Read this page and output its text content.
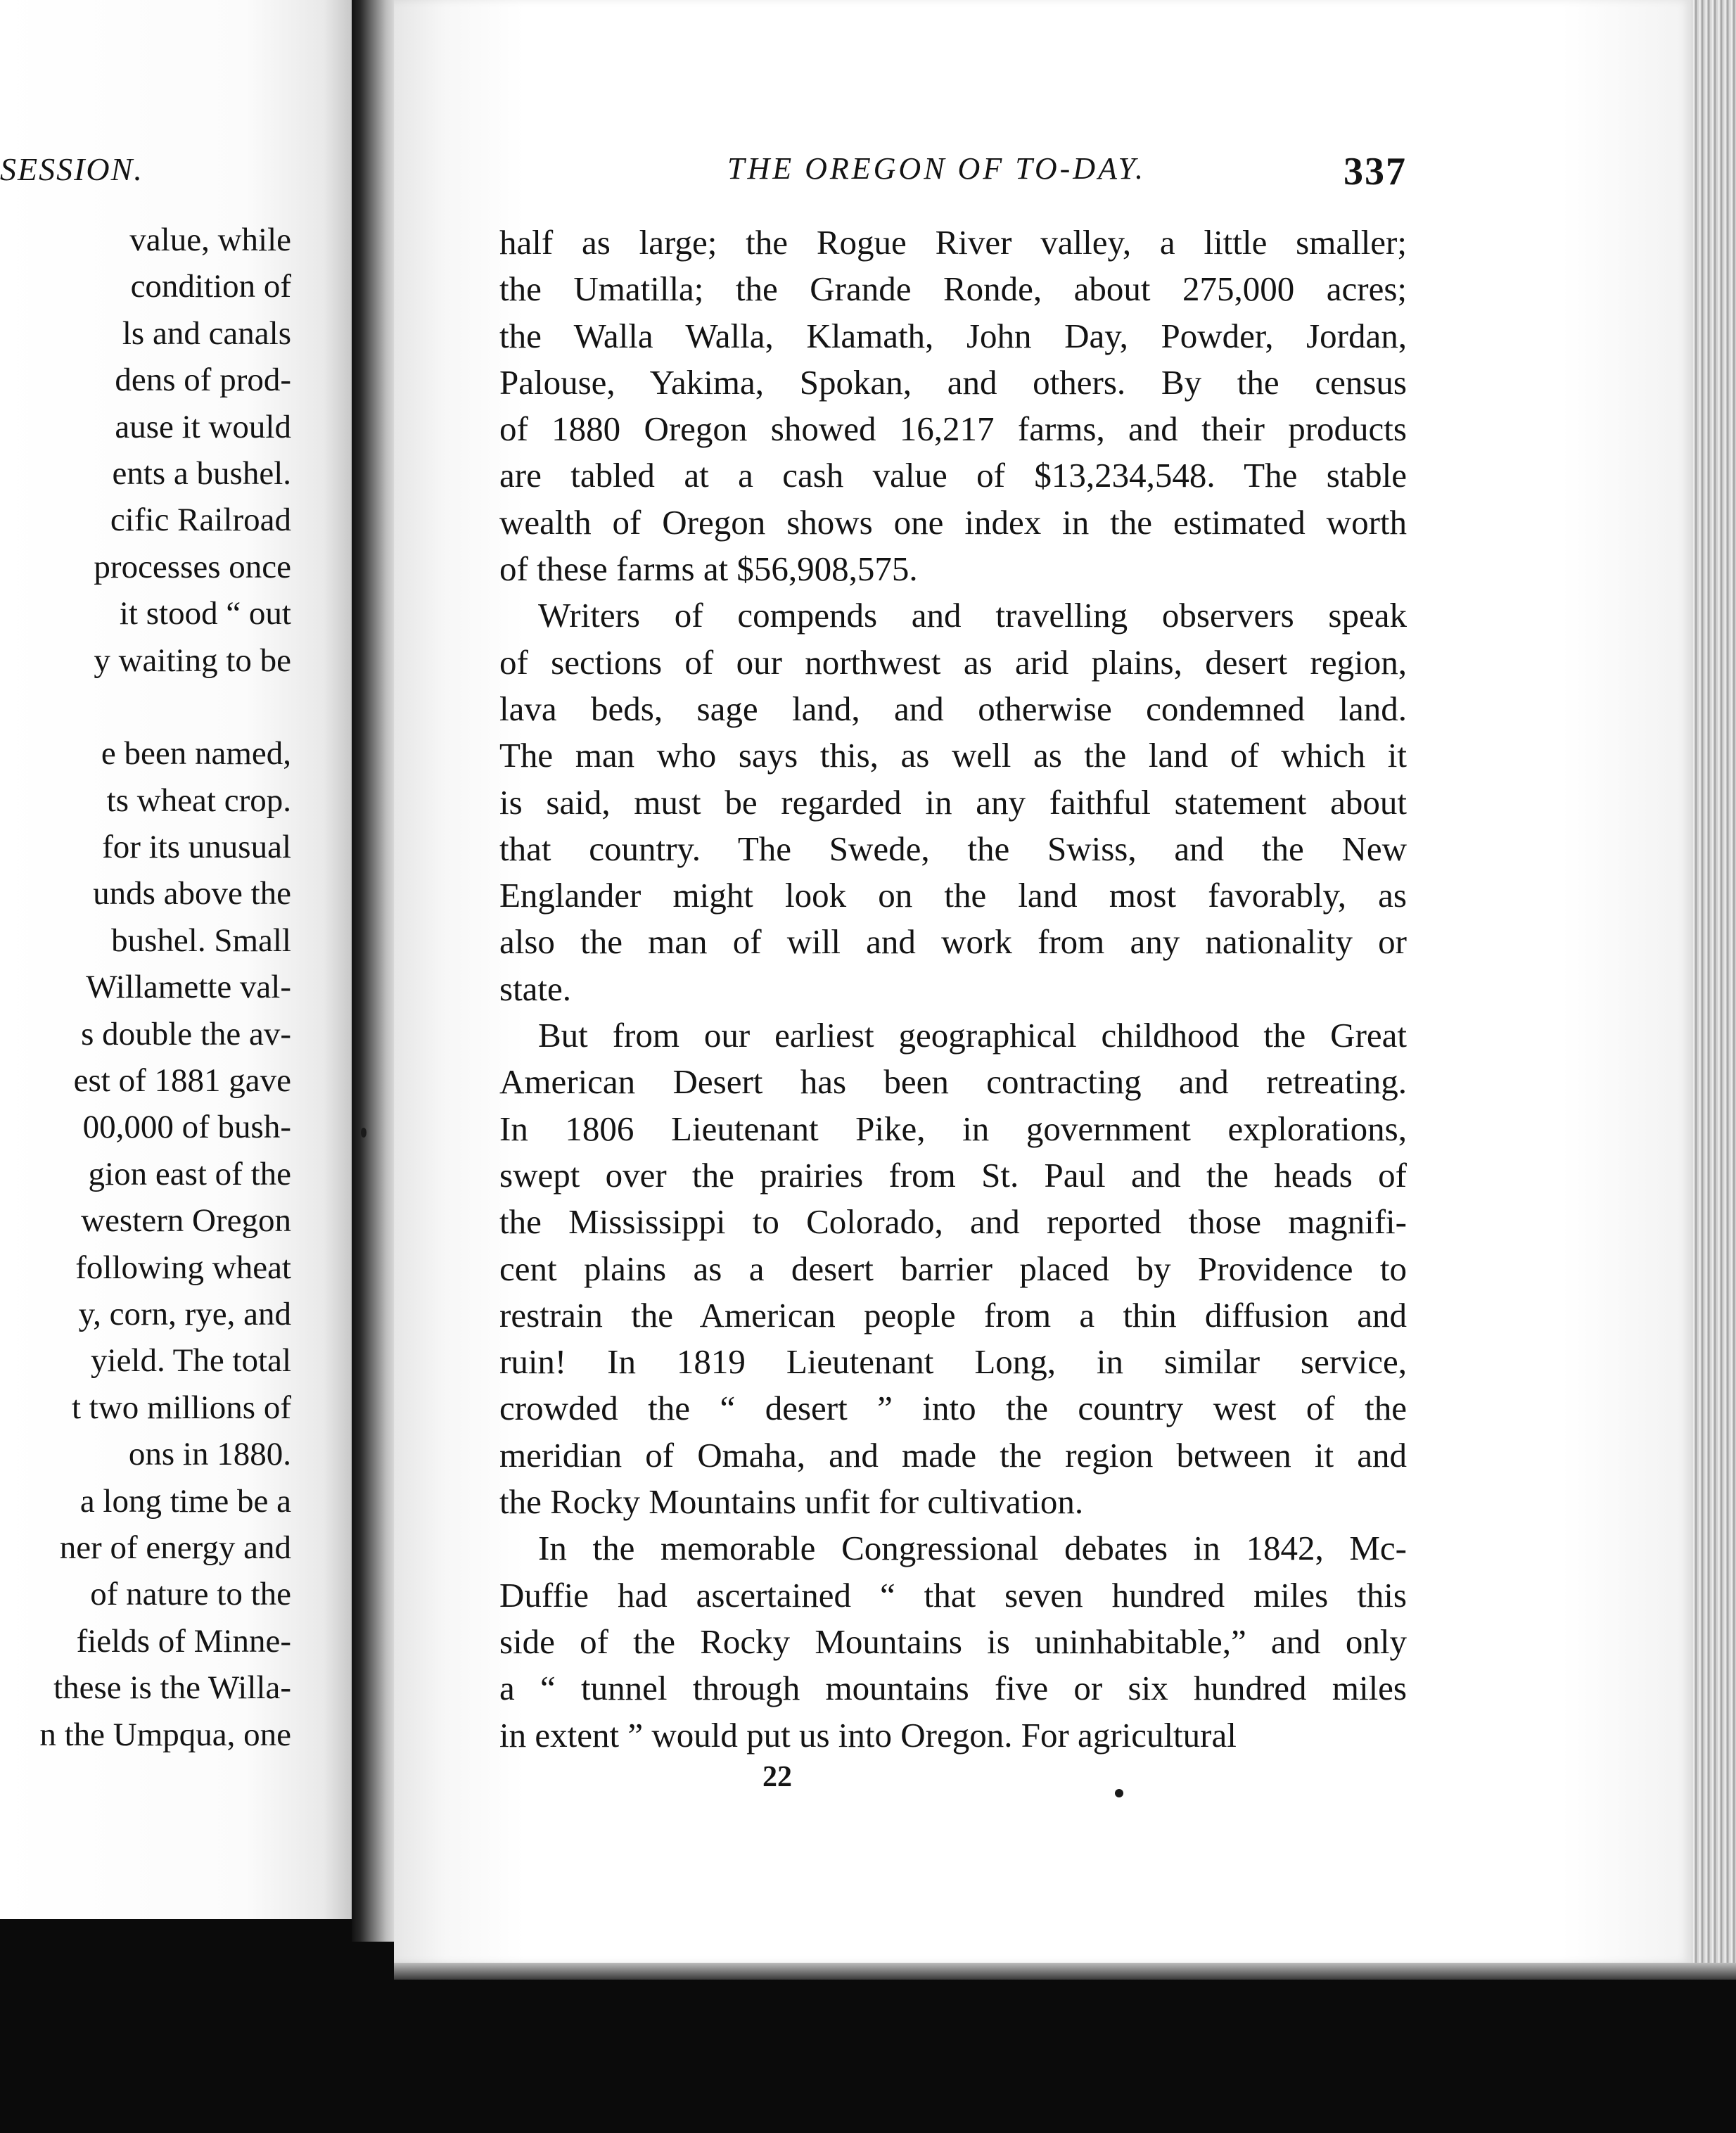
SESSION.

value, while
condition of
ls and canals
dens of prod-
ause it would
ents a bushel.
cific Railroad
processes once
it stood “ out
y waiting to be
e been named,
ts wheat crop.
for its unusual
unds above the
bushel. Small
Willamette val-
s double the av-
est of 1881 gave
00,000 of bush-
gion east of the
western Oregon
following wheat
y, corn, rye, and
yield. The total
t two millions of
ons in 1880.
a long time be a
ner of energy and
of nature to the
fields of Minne-
these is the Willa-
n the Umpqua, one

THE OREGON OF TO-DAY.	337

half as large; the Rogue River valley, a little smaller;
the Umatilla; the Grande Ronde, about 275,000 acres;
the Walla Walla, Klamath, John Day, Powder, Jordan,
Palouse, Yakima, Spokan, and others. By the census
of 1880 Oregon showed 16,217 farms, and their products
are tabled at a cash value of $13,234,548. The stable
wealth of Oregon shows one index in the estimated worth
of these farms at $56,908,575.
Writers of compends and travelling observers speak
of sections of our northwest as arid plains, desert region,
lava beds, sage land, and otherwise condemned land.
The man who says this, as well as the land of which it
is said, must be regarded in any faithful statement about
that country. The Swede, the Swiss, and the New
Englander might look on the land most favorably, as
also the man of will and work from any nationality or
state.
But from our earliest geographical childhood the Great
American Desert has been contracting and retreating.
In 1806 Lieutenant Pike, in government explorations,
swept over the prairies from St. Paul and the heads of
the Mississippi to Colorado, and reported those magnifi-
cent plains as a desert barrier placed by Providence to
restrain the American people from a thin diffusion and
ruin! In 1819 Lieutenant Long, in similar service,
crowded the “ desert ” into the country west of the
meridian of Omaha, and made the region between it and
the Rocky Mountains unfit for cultivation.
In the memorable Congressional debates in 1842, Mc-
Duffie had ascertained “ that seven hundred miles this
side of the Rocky Mountains is uninhabitable,” and only
a “ tunnel through mountains five or six hundred miles
in extent ” would put us into Oregon. For agricultural

22
